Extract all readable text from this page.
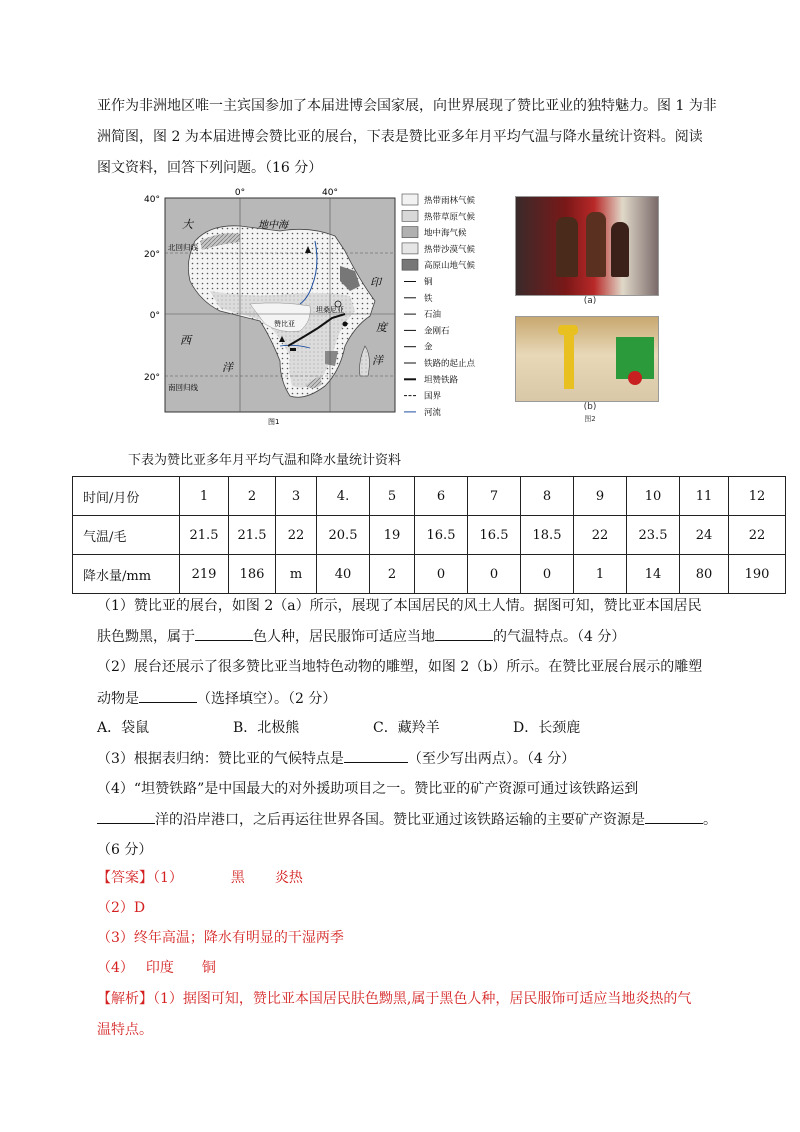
亚作为非洲地区唯一主宾国参加了本届进博会国家展，向世界展现了赞比亚业的独特魅力。图 1 为非
洲简图，图 2 为本届进博会赞比亚的展台，下表是赞比亚多年月平均气温与降水量统计资料。阅读
图文资料，回答下列问题。（16 分）
40°
20°
0°
20°
0°	40°
北回归线
南回归线
地中海
赞比亚
坦桑尼亚
大
西
洋
印
度
洋
图1
热带雨林气候
热带草原气候
地中海气候
热带沙漠气候
高原山地气候
铜
铁
石油
金刚石
金
铁路的起止点
坦赞铁路
国界
河流
(a)
(b)
图2
下表为赞比亚多年月平均气温和降水量统计资料
时间/月份	1	2	3	4.	5	6	7	8	9	10	11	12
气温/毛	21.5	21.5	22	20.5	19	16.5	16.5	18.5	22	23.5	24	22
降水量/mm	219	186	m	40	2	0	0	0	1	14	80	190
（1）赞比亚的展台，如图 2（a）所示，展现了本国居民的风土人情。据图可知，赞比亚本国居民
肤色黝黑，属于	色人种，居民服饰可适应当地	的气温特点。（4 分）
（2）展台还展示了很多赞比亚当地特色动物的雕塑，如图 2（b）所示。在赞比亚展台展示的雕塑
动物是	（选择填空）。（2 分）
A．袋鼠	B．北极熊	C．藏羚羊	D．长颈鹿
（3）根据表归纳：赞比亚的气候特点是	（至少写出两点）。（4 分）
（4）“坦赞铁路”是中国最大的对外援助项目之一。赞比亚的矿产资源可通过该铁路运到
洋的沿岸港口，之后再运往世界各国。赞比亚通过该铁路运输的主要矿产资源是	。
（6 分）
【答案】（1）	黑 炎热
（2）D
（3）终年高温；降水有明显的干湿两季
（4） 印度 铜
【解析】（1）据图可知，赞比亚本国居民肤色黝黑,属于黑色人种，居民服饰可适应当地炎热的气
温特点。
